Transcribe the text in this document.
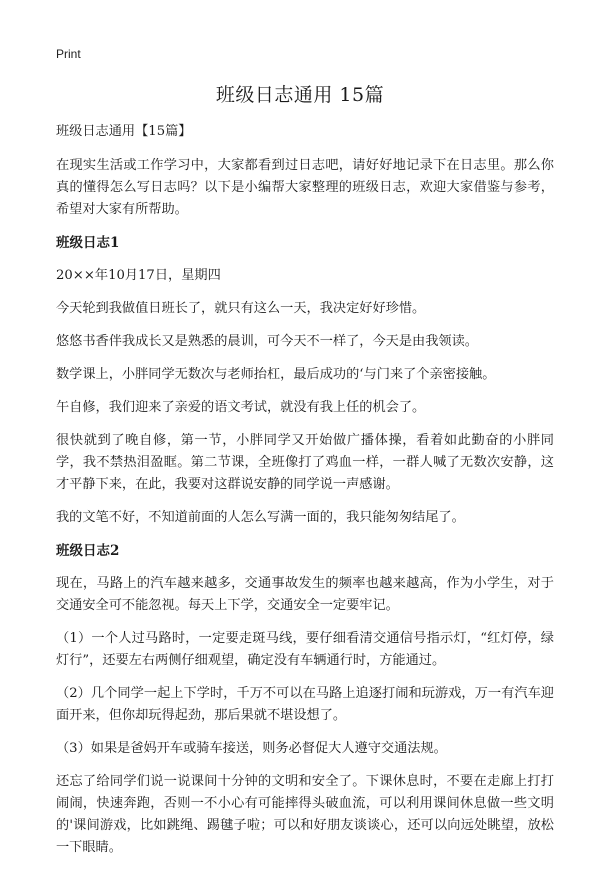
Print
班级日志通用 15篇

班级日志通用【15篇】

在现实生活或工作学习中，大家都看到过日志吧，请好好地记录下在日志里。那么你真的懂得怎么写日志吗？以下是小编帮大家整理的班级日志，欢迎大家借鉴与参考，希望对大家有所帮助。

班级日志1

20××年10月17日，星期四

今天轮到我做值日班长了，就只有这么一天，我决定好好珍惜。

悠悠书香伴我成长又是熟悉的晨训，可今天不一样了，今天是由我领读。

数学课上，小胖同学无数次与老师抬杠，最后成功的‘与门来了个亲密接触。

午自修，我们迎来了亲爱的语文考试，就没有我上任的机会了。

很快就到了晚自修，第一节，小胖同学又开始做广播体操，看着如此勤奋的小胖同学，我不禁热泪盈眶。第二节课，全班像打了鸡血一样，一群人喊了无数次安静，这才平静下来，在此，我要对这群说安静的同学说一声感谢。

我的文笔不好，不知道前面的人怎么写满一面的，我只能匆匆结尾了。

班级日志2

现在，马路上的汽车越来越多，交通事故发生的频率也越来越高，作为小学生，对于交通安全可不能忽视。每天上下学，交通安全一定要牢记。

（1）一个人过马路时，一定要走斑马线，要仔细看清交通信号指示灯，“红灯停，绿灯行”，还要左右两侧仔细观望，确定没有车辆通行时，方能通过。

（2）几个同学一起上下学时，千万不可以在马路上追逐打闹和玩游戏，万一有汽车迎面开来，但你却玩得起劲，那后果就不堪设想了。

（3）如果是爸妈开车或骑车接送，则务必督促大人遵守交通法规。

还忘了给同学们说一说课间十分钟的文明和安全了。下课休息时，不要在走廊上打打闹闹，快速奔跑，否则一不小心有可能摔得头破血流，可以利用课间休息做一些文明的'课间游戏，比如跳绳、踢毽子啦；可以和好朋友谈谈心，还可以向远处眺望，放松一下眼睛。
